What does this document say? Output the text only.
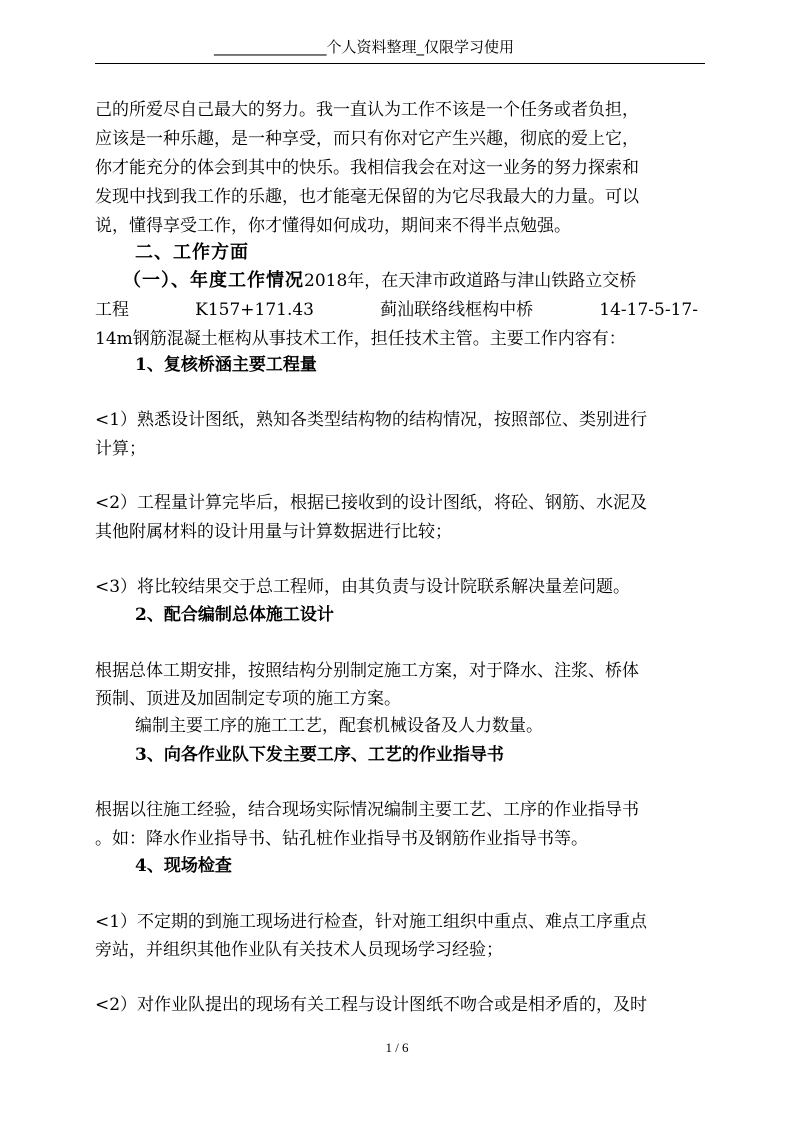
_______________个人资料整理_仅限学习使用
己的所爱尽自己最大的努力。我一直认为工作不该是一个任务或者负担，
应该是一种乐趣，是一种享受，而只有你对它产生兴趣，彻底的爱上它，
你才能充分的体会到其中的快乐。我相信我会在对这一业务的努力探索和
发现中找到我工作的乐趣，也才能毫无保留的为它尽我最大的力量。可以
说，懂得享受工作，你才懂得如何成功，期间来不得半点勉强。
二、工作方面
（一）、年度工作情况2018年，在天津市政道路与津山铁路立交桥
工程	K157+171.43	蓟汕联络线框构中桥	14-17-5-17-
14m钢筋混凝土框构从事技术工作，担任技术主管。主要工作内容有：
1、复核桥涵主要工程量
<1）熟悉设计图纸，熟知各类型结构物的结构情况，按照部位、类别进行
计算；
<2）工程量计算完毕后，根据已接收到的设计图纸，将砼、钢筋、水泥及
其他附属材料的设计用量与计算数据进行比较；
<3）将比较结果交于总工程师，由其负责与设计院联系解决量差问题。
2、配合编制总体施工设计
根据总体工期安排，按照结构分别制定施工方案，对于降水、注浆、桥体
预制、顶进及加固制定专项的施工方案。
编制主要工序的施工工艺，配套机械设备及人力数量。
3、向各作业队下发主要工序、工艺的作业指导书
根据以往施工经验，结合现场实际情况编制主要工艺、工序的作业指导书
。如：降水作业指导书、钻孔桩作业指导书及钢筋作业指导书等。
4、现场检查
<1）不定期的到施工现场进行检查，针对施工组织中重点、难点工序重点
旁站，并组织其他作业队有关技术人员现场学习经验；
<2）对作业队提出的现场有关工程与设计图纸不吻合或是相矛盾的，及时
1 / 6
